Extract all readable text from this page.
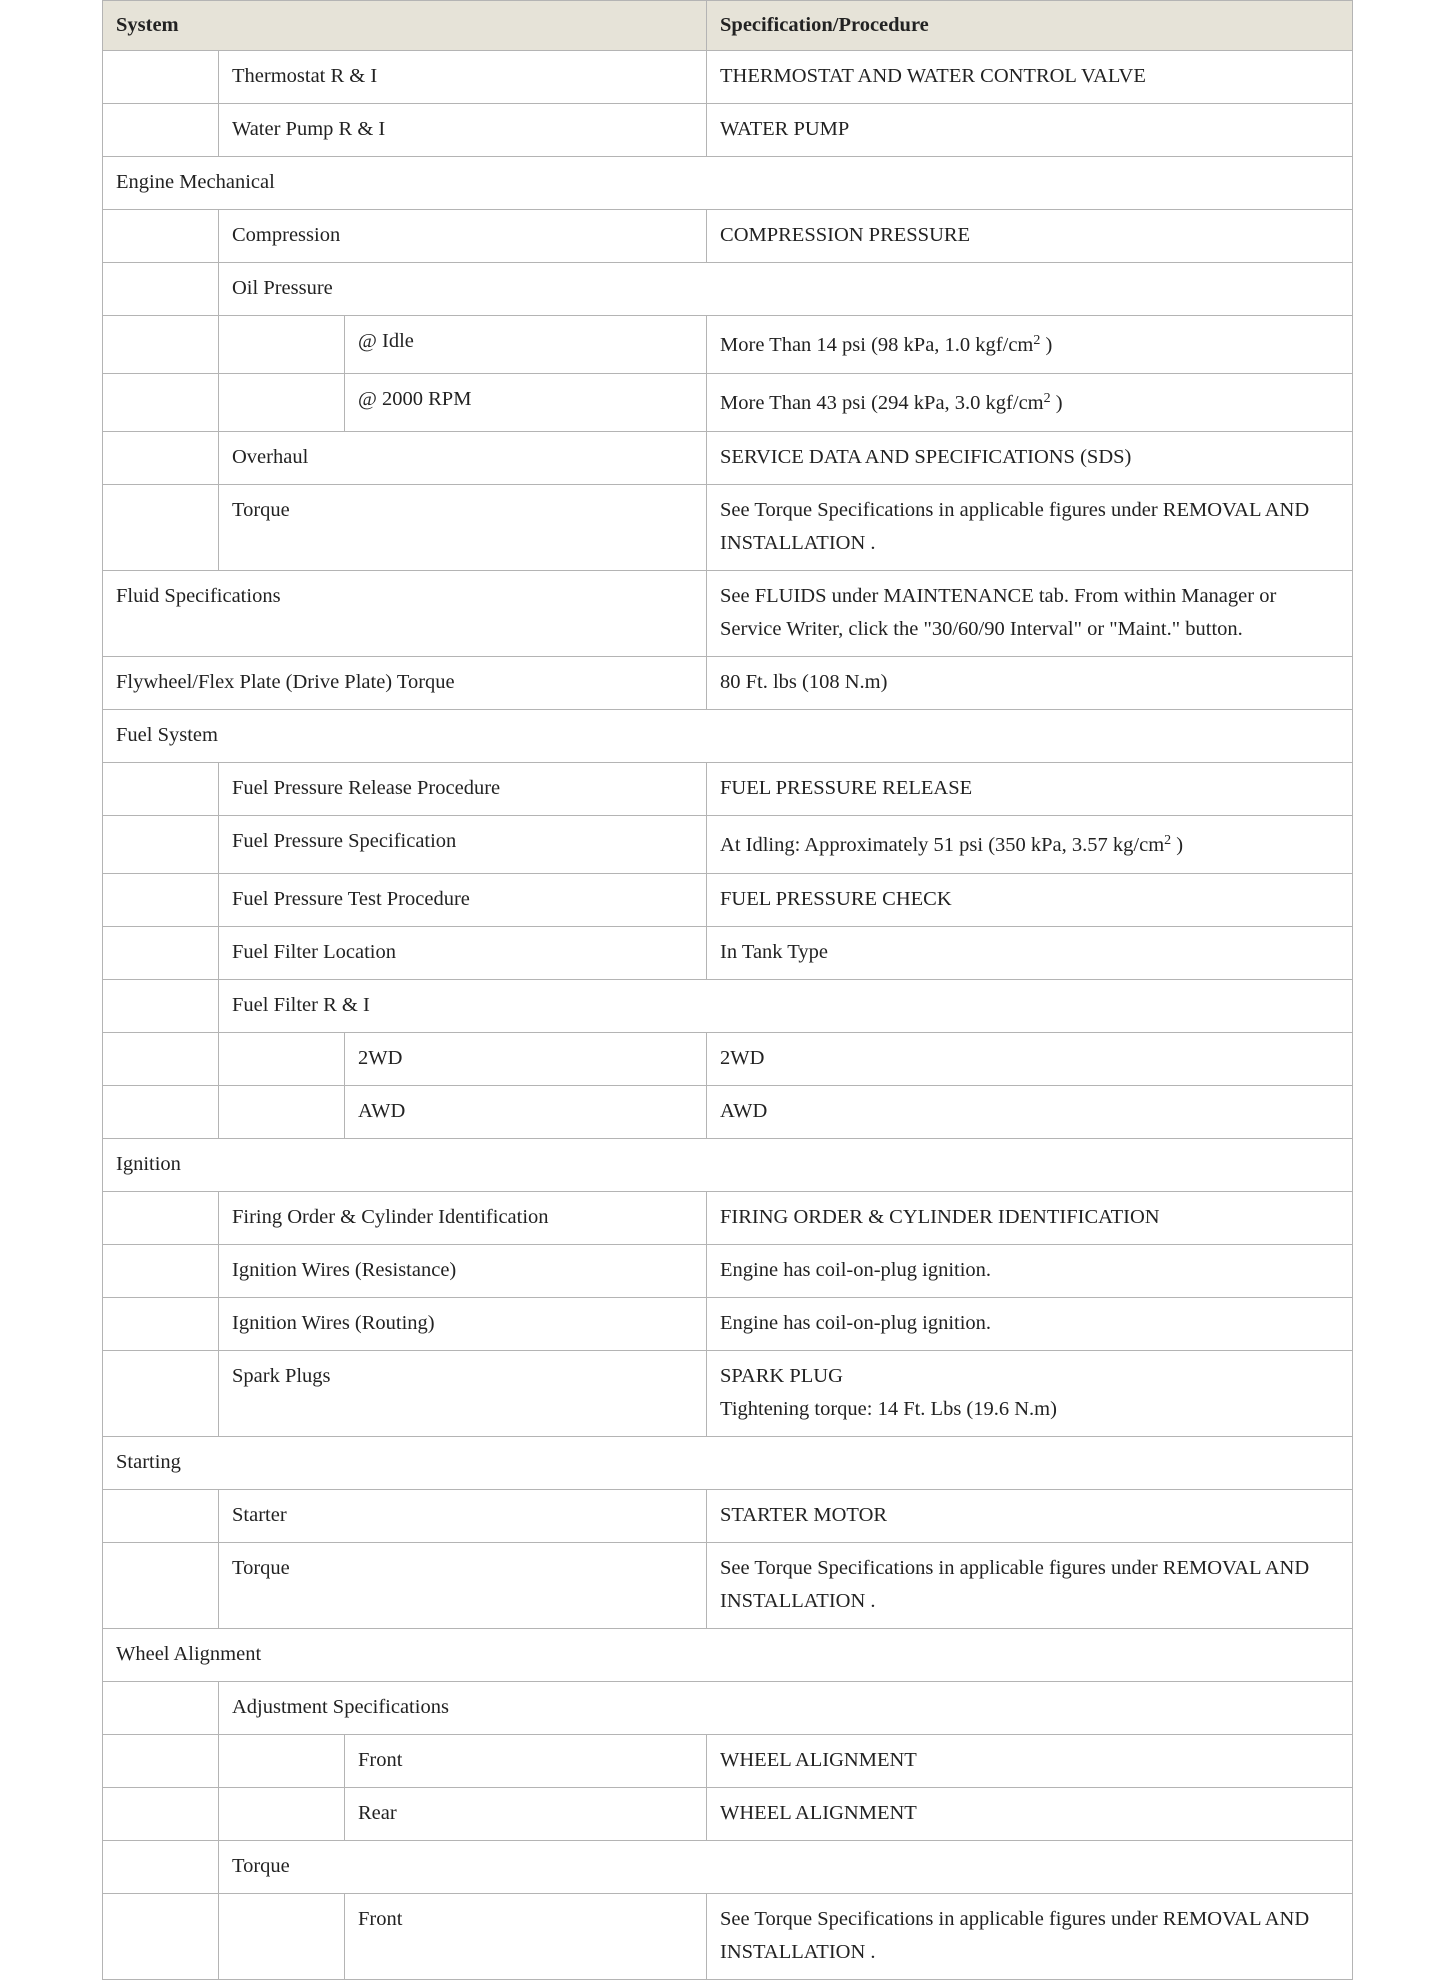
System			Specification/Procedure
	Thermostat R & I		THERMOSTAT AND WATER CONTROL VALVE

	Water Pump R & I		WATER PUMP

Engine Mechanical			
	Compression		COMPRESSION PRESSURE

	Oil Pressure		
		@ Idle	More Than 14 psi (98 kPa, 1.0 kgf/$cm^2$ )
		@ 2000 RPM	More Than 43 psi (294 kPa, 3.0 kgf/$cm^2$ )
	Overhaul		SERVICE DATA AND SPECIFICATIONS (SDS)

	Torque		See Torque Specifications in applicable figures under REMOVAL AND INSTALLATION .

Fluid Specifications			See FLUIDS under MAINTENANCE tab. From within Manager or Service Writer, click the "30/60/90 Interval" or "Maint." button.

Flywheel/Flex Plate (Drive Plate) Torque			80 Ft. lbs (108 N.m)

Fuel System			
	Fuel Pressure Release Procedure		FUEL PRESSURE RELEASE

	Fuel Pressure Specification		At Idling: Approximately 51 psi (350 kPa, 3.57 $kg/cm^2$ )
	Fuel Pressure Test Procedure		FUEL PRESSURE CHECK

	Fuel Filter Location		In Tank Type

	Fuel Filter R & I		
		2WD	2WD

		AWD	AWD

Ignition			
	Firing Order & Cylinder Identification		FIRING ORDER & CYLINDER IDENTIFICATION

	Ignition Wires (Resistance)		Engine has coil-on-plug ignition.

	Ignition Wires (Routing)		Engine has coil-on-plug ignition.

	Spark Plugs		SPARK PLUG
Tightening torque: 14 Ft. Lbs (19.6 N.m)

Starting			
	Starter		STARTER MOTOR

	Torque		See Torque Specifications in applicable figures under REMOVAL AND INSTALLATION .

Wheel Alignment			
	Adjustment Specifications		
		Front	WHEEL ALIGNMENT

		Rear	WHEEL ALIGNMENT

	Torque		
		Front	See Torque Specifications in applicable figures under REMOVAL AND INSTALLATION .
